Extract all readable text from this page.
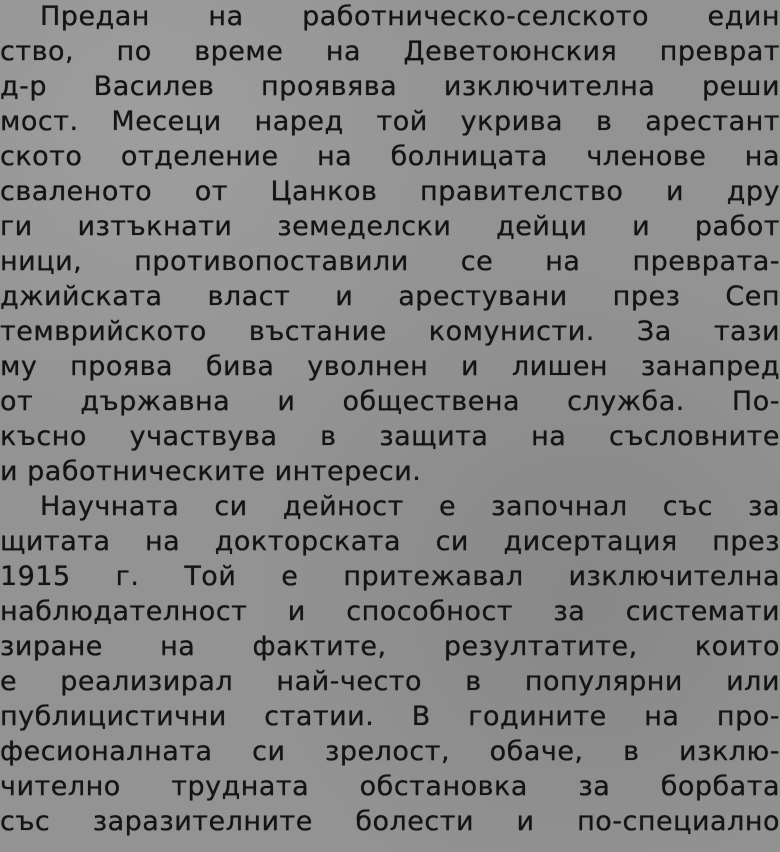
Предан на работническо-селското един
ство, по време на Деветоюнския преврат
д-р Василев проявява изключителна реши
мост. Месеци наред той укрива в арестант
ското отделение на болницата членове на
сваленото от Цанков правителство и дру
ги изтъкнати земеделски дейци и работ
ници, противопоставили се на преврата-
джийската власт и арестувани през Сеп
темврийското въстание комунисти. За тази
му проява бива уволнен и лишен занапред
от държавна и обществена служба. По-
късно участвува в защита на съсловните
и работническите интереси.
Научната си дейност е започнал със за
щитата на докторската си дисертация през
1915 г. Той е притежавал изключителна
наблюдателност и способност за системати
зиране на фактите, резултатите, които
е реализирал най-често в популярни или
публицистични статии. В годините на про-
фесионалната си зрелост, обаче, в изклю-
чително трудната обстановка за борбата
със заразителните болести и по-специално
